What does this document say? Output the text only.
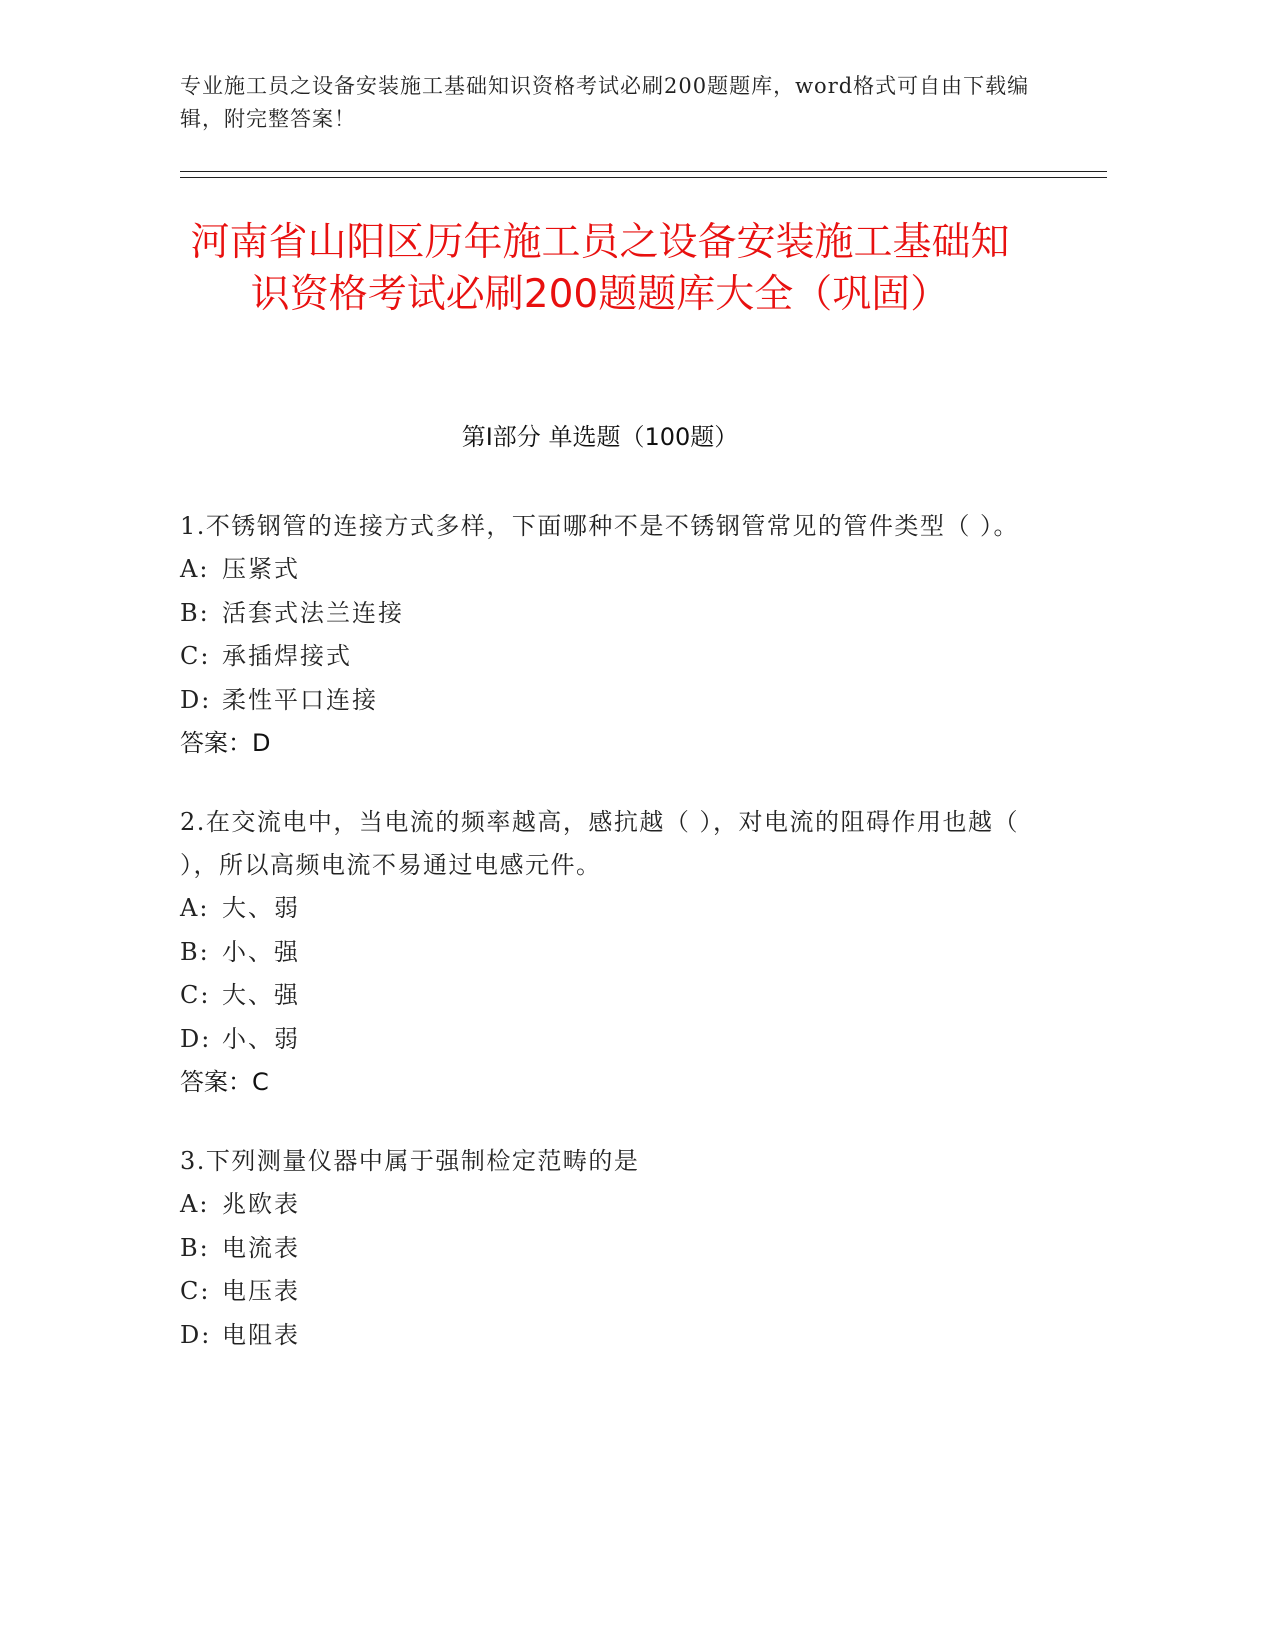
专业施工员之设备安装施工基础知识资格考试必刷200题题库，word格式可自由下载编辑，附完整答案！
河南省山阳区历年施工员之设备安装施工基础知识资格考试必刷200题题库大全（巩固）
第I部分 单选题（100题）
1.不锈钢管的连接方式多样，下面哪种不是不锈钢管常见的管件类型（ ）。
A: 压紧式
B: 活套式法兰连接
C: 承插焊接式
D: 柔性平口连接
答案：D
2.在交流电中，当电流的频率越高，感抗越（ ），对电流的阻碍作用也越（ ），所以高频电流不易通过电感元件。
A: 大、弱
B: 小、强
C: 大、强
D: 小、弱
答案：C
3.下列测量仪器中属于强制检定范畴的是
A: 兆欧表
B: 电流表
C: 电压表
D: 电阻表
